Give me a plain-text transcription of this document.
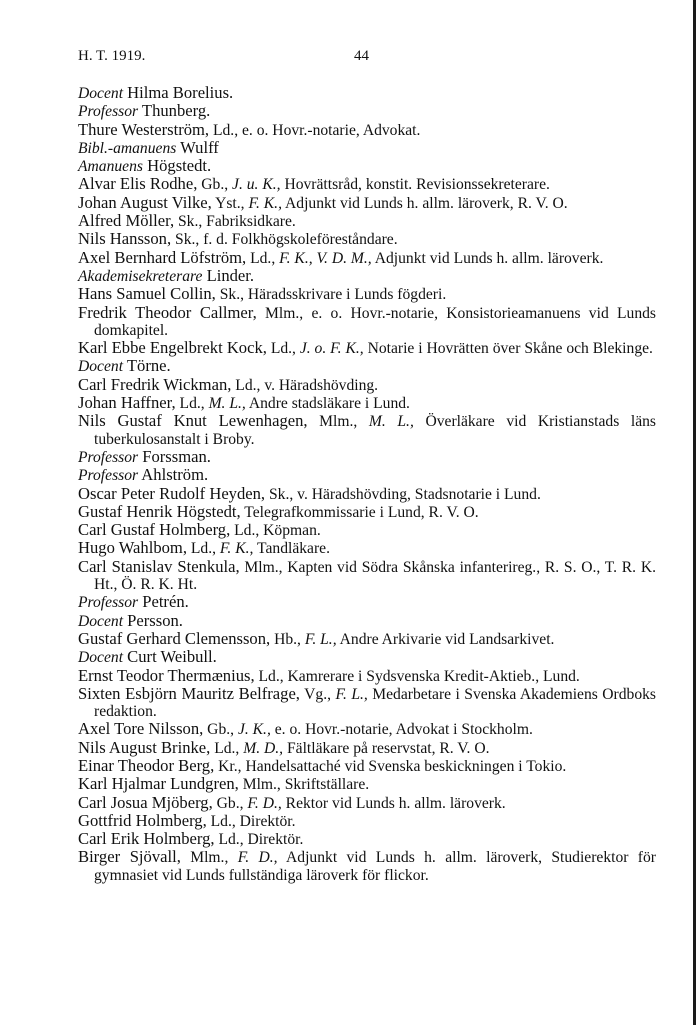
H. T. 1919.	44

Docent Hilma Borelius.

Professor Thunberg.

Thure Westerström, Ld., e. o. Hovr.-notarie, Advokat.

Bibl.-amanuens Wulff

Amanuens Högstedt.

Alvar Elis Rodhe, Gb., J. u. K., Hovrättsråd, konstit. Revisionssekreterare.

Johan August Vilke, Yst., F. K., Adjunkt vid Lunds h. allm. läroverk, R. V. O.

Alfred Möller, Sk., Fabriksidkare.

Nils Hansson, Sk., f. d. Folkhögskoleföreståndare.

Axel Bernhard Löfström, Ld., F. K., V. D. M., Adjunkt vid Lunds h. allm. läroverk.

Akademisekreterare Linder.

Hans Samuel Collin, Sk., Häradsskrivare i Lunds fögderi.

Fredrik Theodor Callmer, Mlm., e. o. Hovr.-notarie, Konsistorieamanuens vid Lunds domkapitel.

Karl Ebbe Engelbrekt Kock, Ld., J. o. F. K., Notarie i Hovrätten över Skåne och Blekinge.

Docent Törne.

Carl Fredrik Wickman, Ld., v. Häradshövding.

Johan Haffner, Ld., M. L., Andre stadsläkare i Lund.

Nils Gustaf Knut Lewenhagen, Mlm., M. L., Överläkare vid Kristianstads läns tuberkulosanstalt i Broby.

Professor Forssman.

Professor Ahlström.

Oscar Peter Rudolf Heyden, Sk., v. Häradshövding, Stadsnotarie i Lund.

Gustaf Henrik Högstedt, Telegrafkommissarie i Lund, R. V. O.

Carl Gustaf Holmberg, Ld., Köpman.

Hugo Wahlbom, Ld., F. K., Tandläkare.

Carl Stanislav Stenkula, Mlm., Kapten vid Södra Skånska infanterireg., R. S. O., T. R. K. Ht., Ö. R. K. Ht.

Professor Petrén.

Docent Persson.

Gustaf Gerhard Clemensson, Hb., F. L., Andre Arkivarie vid Landsarkivet.

Docent Curt Weibull.

Ernst Teodor Thermænius, Ld., Kamrerare i Sydsvenska Kredit-Aktieb., Lund.

Sixten Esbjörn Mauritz Belfrage, Vg., F. L., Medarbetare i Svenska Akademiens Ordboks redaktion.

Axel Tore Nilsson, Gb., J. K., e. o. Hovr.-notarie, Advokat i Stockholm.

Nils August Brinke, Ld., M. D., Fältläkare på reservstat, R. V. O.

Einar Theodor Berg, Kr., Handelsattaché vid Svenska beskickningen i Tokio.

Karl Hjalmar Lundgren, Mlm., Skriftställare.

Carl Josua Mjöberg, Gb., F. D., Rektor vid Lunds h. allm. läroverk.

Gottfrid Holmberg, Ld., Direktör.

Carl Erik Holmberg, Ld., Direktör.

Birger Sjövall, Mlm., F. D., Adjunkt vid Lunds h. allm. läroverk, Studierektor för gymnasiet vid Lunds fullständiga läroverk för flickor.
